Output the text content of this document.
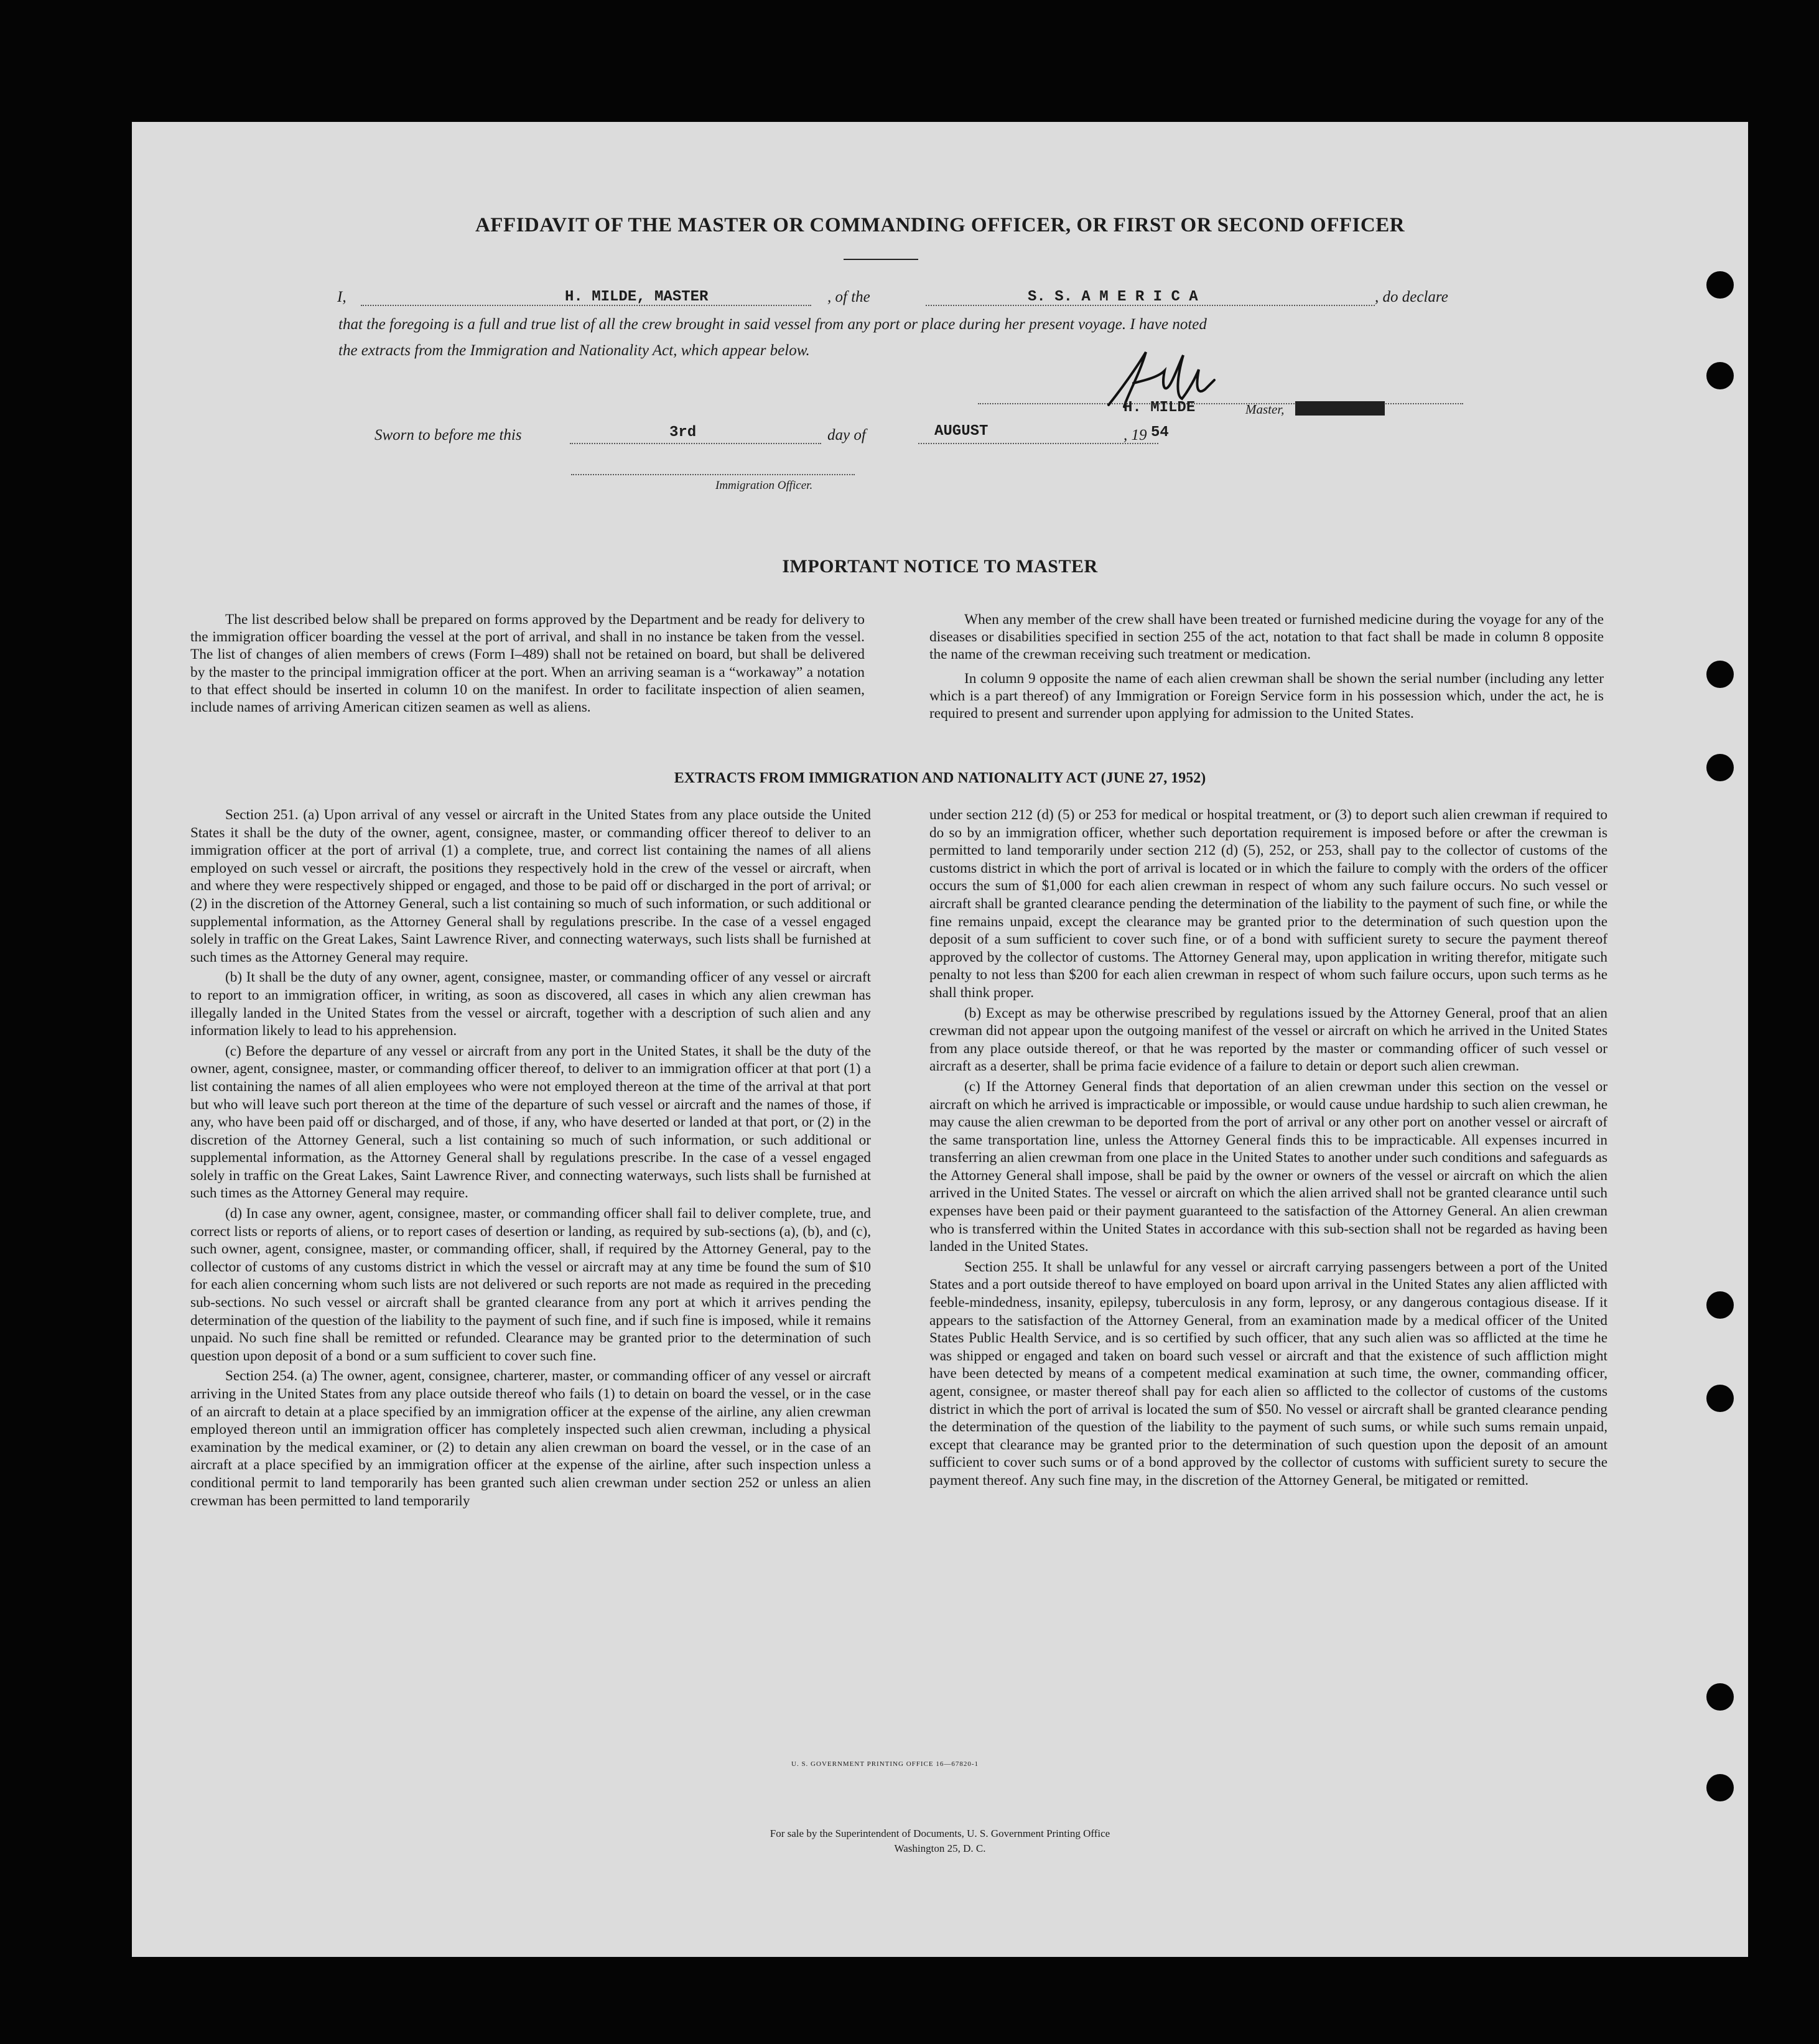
AFFIDAVIT OF THE MASTER OR COMMANDING OFFICER, OR FIRST OR SECOND OFFICER
I,	H. MILDE, MASTER	, of the	S. S. A M E R I C A	, do declare
that the foregoing is a full and true list of all the crew brought in said vessel from any port or place during her present voyage. I have noted
the extracts from the Immigration and Nationality Act, which appear below.
H. MILDE	Master, XXXXXXXXXXXX
Sworn to before me this	3rd	day of	AUGUST	, 19 54
Immigration Officer.
IMPORTANT NOTICE TO MASTER

The list described below shall be prepared on forms approved by the Department and be ready for delivery to the immigration officer boarding the vessel at the port of arrival, and shall in no instance be taken from the vessel. The list of changes of alien members of crews (Form I–489) shall not be retained on board, but shall be delivered by the master to the principal immigration officer at the port. When an arriving seaman is a “workaway” a notation to that effect should be inserted in column 10 on the manifest. In order to facilitate inspection of alien seamen, include names of arriving American citizen seamen as well as aliens.

When any member of the crew shall have been treated or furnished medicine during the voyage for any of the diseases or disabilities specified in section 255 of the act, notation to that fact shall be made in column 8 opposite the name of the crewman receiving such treatment or medication.

In column 9 opposite the name of each alien crewman shall be shown the serial number (including any letter which is a part thereof) of any Immigration or Foreign Service form in his possession which, under the act, he is required to present and surrender upon applying for admission to the United States.

EXTRACTS FROM IMMIGRATION AND NATIONALITY ACT (JUNE 27, 1952)

Section 251. (a) Upon arrival of any vessel or aircraft in the United States from any place outside the United States it shall be the duty of the owner, agent, consignee, master, or commanding officer thereof to deliver to an immigration officer at the port of arrival (1) a complete, true, and correct list containing the names of all aliens employed on such vessel or aircraft, the positions they respectively hold in the crew of the vessel or aircraft, when and where they were respectively shipped or engaged, and those to be paid off or discharged in the port of arrival; or (2) in the discretion of the Attorney General, such a list containing so much of such information, or such additional or supplemental information, as the Attorney General shall by regulations prescribe. In the case of a vessel engaged solely in traffic on the Great Lakes, Saint Lawrence River, and connecting waterways, such lists shall be furnished at such times as the Attorney General may require.

(b) It shall be the duty of any owner, agent, consignee, master, or commanding officer of any vessel or aircraft to report to an immigration officer, in writing, as soon as discovered, all cases in which any alien crewman has illegally landed in the United States from the vessel or aircraft, together with a description of such alien and any information likely to lead to his apprehension.

(c) Before the departure of any vessel or aircraft from any port in the United States, it shall be the duty of the owner, agent, consignee, master, or commanding officer thereof, to deliver to an immigration officer at that port (1) a list containing the names of all alien employees who were not employed thereon at the time of the arrival at that port but who will leave such port thereon at the time of the departure of such vessel or aircraft and the names of those, if any, who have been paid off or discharged, and of those, if any, who have deserted or landed at that port, or (2) in the discretion of the Attorney General, such a list containing so much of such information, or such additional or supplemental information, as the Attorney General shall by regulations prescribe. In the case of a vessel engaged solely in traffic on the Great Lakes, Saint Lawrence River, and connecting waterways, such lists shall be furnished at such times as the Attorney General may require.

(d) In case any owner, agent, consignee, master, or commanding officer shall fail to deliver complete, true, and correct lists or reports of aliens, or to report cases of desertion or landing, as required by sub-sections (a), (b), and (c), such owner, agent, consignee, master, or commanding officer, shall, if required by the Attorney General, pay to the collector of customs of any customs district in which the vessel or aircraft may at any time be found the sum of $10 for each alien concerning whom such lists are not delivered or such reports are not made as required in the preceding sub-sections. No such vessel or aircraft shall be granted clearance from any port at which it arrives pending the determination of the question of the liability to the payment of such fine, and if such fine is imposed, while it remains unpaid. No such fine shall be remitted or refunded. Clearance may be granted prior to the determination of such question upon deposit of a bond or a sum sufficient to cover such fine.

Section 254. (a) The owner, agent, consignee, charterer, master, or commanding officer of any vessel or aircraft arriving in the United States from any place outside thereof who fails (1) to detain on board the vessel, or in the case of an aircraft to detain at a place specified by an immigration officer at the expense of the airline, any alien crewman employed thereon until an immigration officer has completely inspected such alien crewman, including a physical examination by the medical examiner, or (2) to detain any alien crewman on board the vessel, or in the case of an aircraft at a place specified by an immigration officer at the expense of the airline, after such inspection unless a conditional permit to land temporarily has been granted such alien crewman under section 252 or unless an alien crewman has been permitted to land temporarily

under section 212 (d) (5) or 253 for medical or hospital treatment, or (3) to deport such alien crewman if required to do so by an immigration officer, whether such deportation requirement is imposed before or after the crewman is permitted to land temporarily under section 212 (d) (5), 252, or 253, shall pay to the collector of customs of the customs district in which the port of arrival is located or in which the failure to comply with the orders of the officer occurs the sum of $1,000 for each alien crewman in respect of whom any such failure occurs. No such vessel or aircraft shall be granted clearance pending the determination of the liability to the payment of such fine, or while the fine remains unpaid, except the clearance may be granted prior to the determination of such question upon the deposit of a sum sufficient to cover such fine, or of a bond with sufficient surety to secure the payment thereof approved by the collector of customs. The Attorney General may, upon application in writing therefor, mitigate such penalty to not less than $200 for each alien crewman in respect of whom such failure occurs, upon such terms as he shall think proper.

(b) Except as may be otherwise prescribed by regulations issued by the Attorney General, proof that an alien crewman did not appear upon the outgoing manifest of the vessel or aircraft on which he arrived in the United States from any place outside thereof, or that he was reported by the master or commanding officer of such vessel or aircraft as a deserter, shall be prima facie evidence of a failure to detain or deport such alien crewman.

(c) If the Attorney General finds that deportation of an alien crewman under this section on the vessel or aircraft on which he arrived is impracticable or impossible, or would cause undue hardship to such alien crewman, he may cause the alien crewman to be deported from the port of arrival or any other port on another vessel or aircraft of the same transportation line, unless the Attorney General finds this to be impracticable. All expenses incurred in transferring an alien crewman from one place in the United States to another under such conditions and safeguards as the Attorney General shall impose, shall be paid by the owner or owners of the vessel or aircraft on which the alien arrived in the United States. The vessel or aircraft on which the alien arrived shall not be granted clearance until such expenses have been paid or their payment guaranteed to the satisfaction of the Attorney General. An alien crewman who is transferred within the United States in accordance with this sub-section shall not be regarded as having been landed in the United States.

Section 255. It shall be unlawful for any vessel or aircraft carrying passengers between a port of the United States and a port outside thereof to have employed on board upon arrival in the United States any alien afflicted with feeble-mindedness, insanity, epilepsy, tuberculosis in any form, leprosy, or any dangerous contagious disease. If it appears to the satisfaction of the Attorney General, from an examination made by a medical officer of the United States Public Health Service, and is so certified by such officer, that any such alien was so afflicted at the time he was shipped or engaged and taken on board such vessel or aircraft and that the existence of such affliction might have been detected by means of a competent medical examination at such time, the owner, commanding officer, agent, consignee, or master thereof shall pay for each alien so afflicted to the collector of customs of the customs district in which the port of arrival is located the sum of $50. No vessel or aircraft shall be granted clearance pending the determination of the question of the liability to the payment of such sums, or while such sums remain unpaid, except that clearance may be granted prior to the determination of such question upon the deposit of an amount sufficient to cover such sums or of a bond approved by the collector of customs with sufficient surety to secure the payment thereof. Any such fine may, in the discretion of the Attorney General, be mitigated or remitted.

U. S. GOVERNMENT PRINTING OFFICE 16—67820-1
For sale by the Superintendent of Documents, U. S. Government Printing Office
Washington 25, D. C.
